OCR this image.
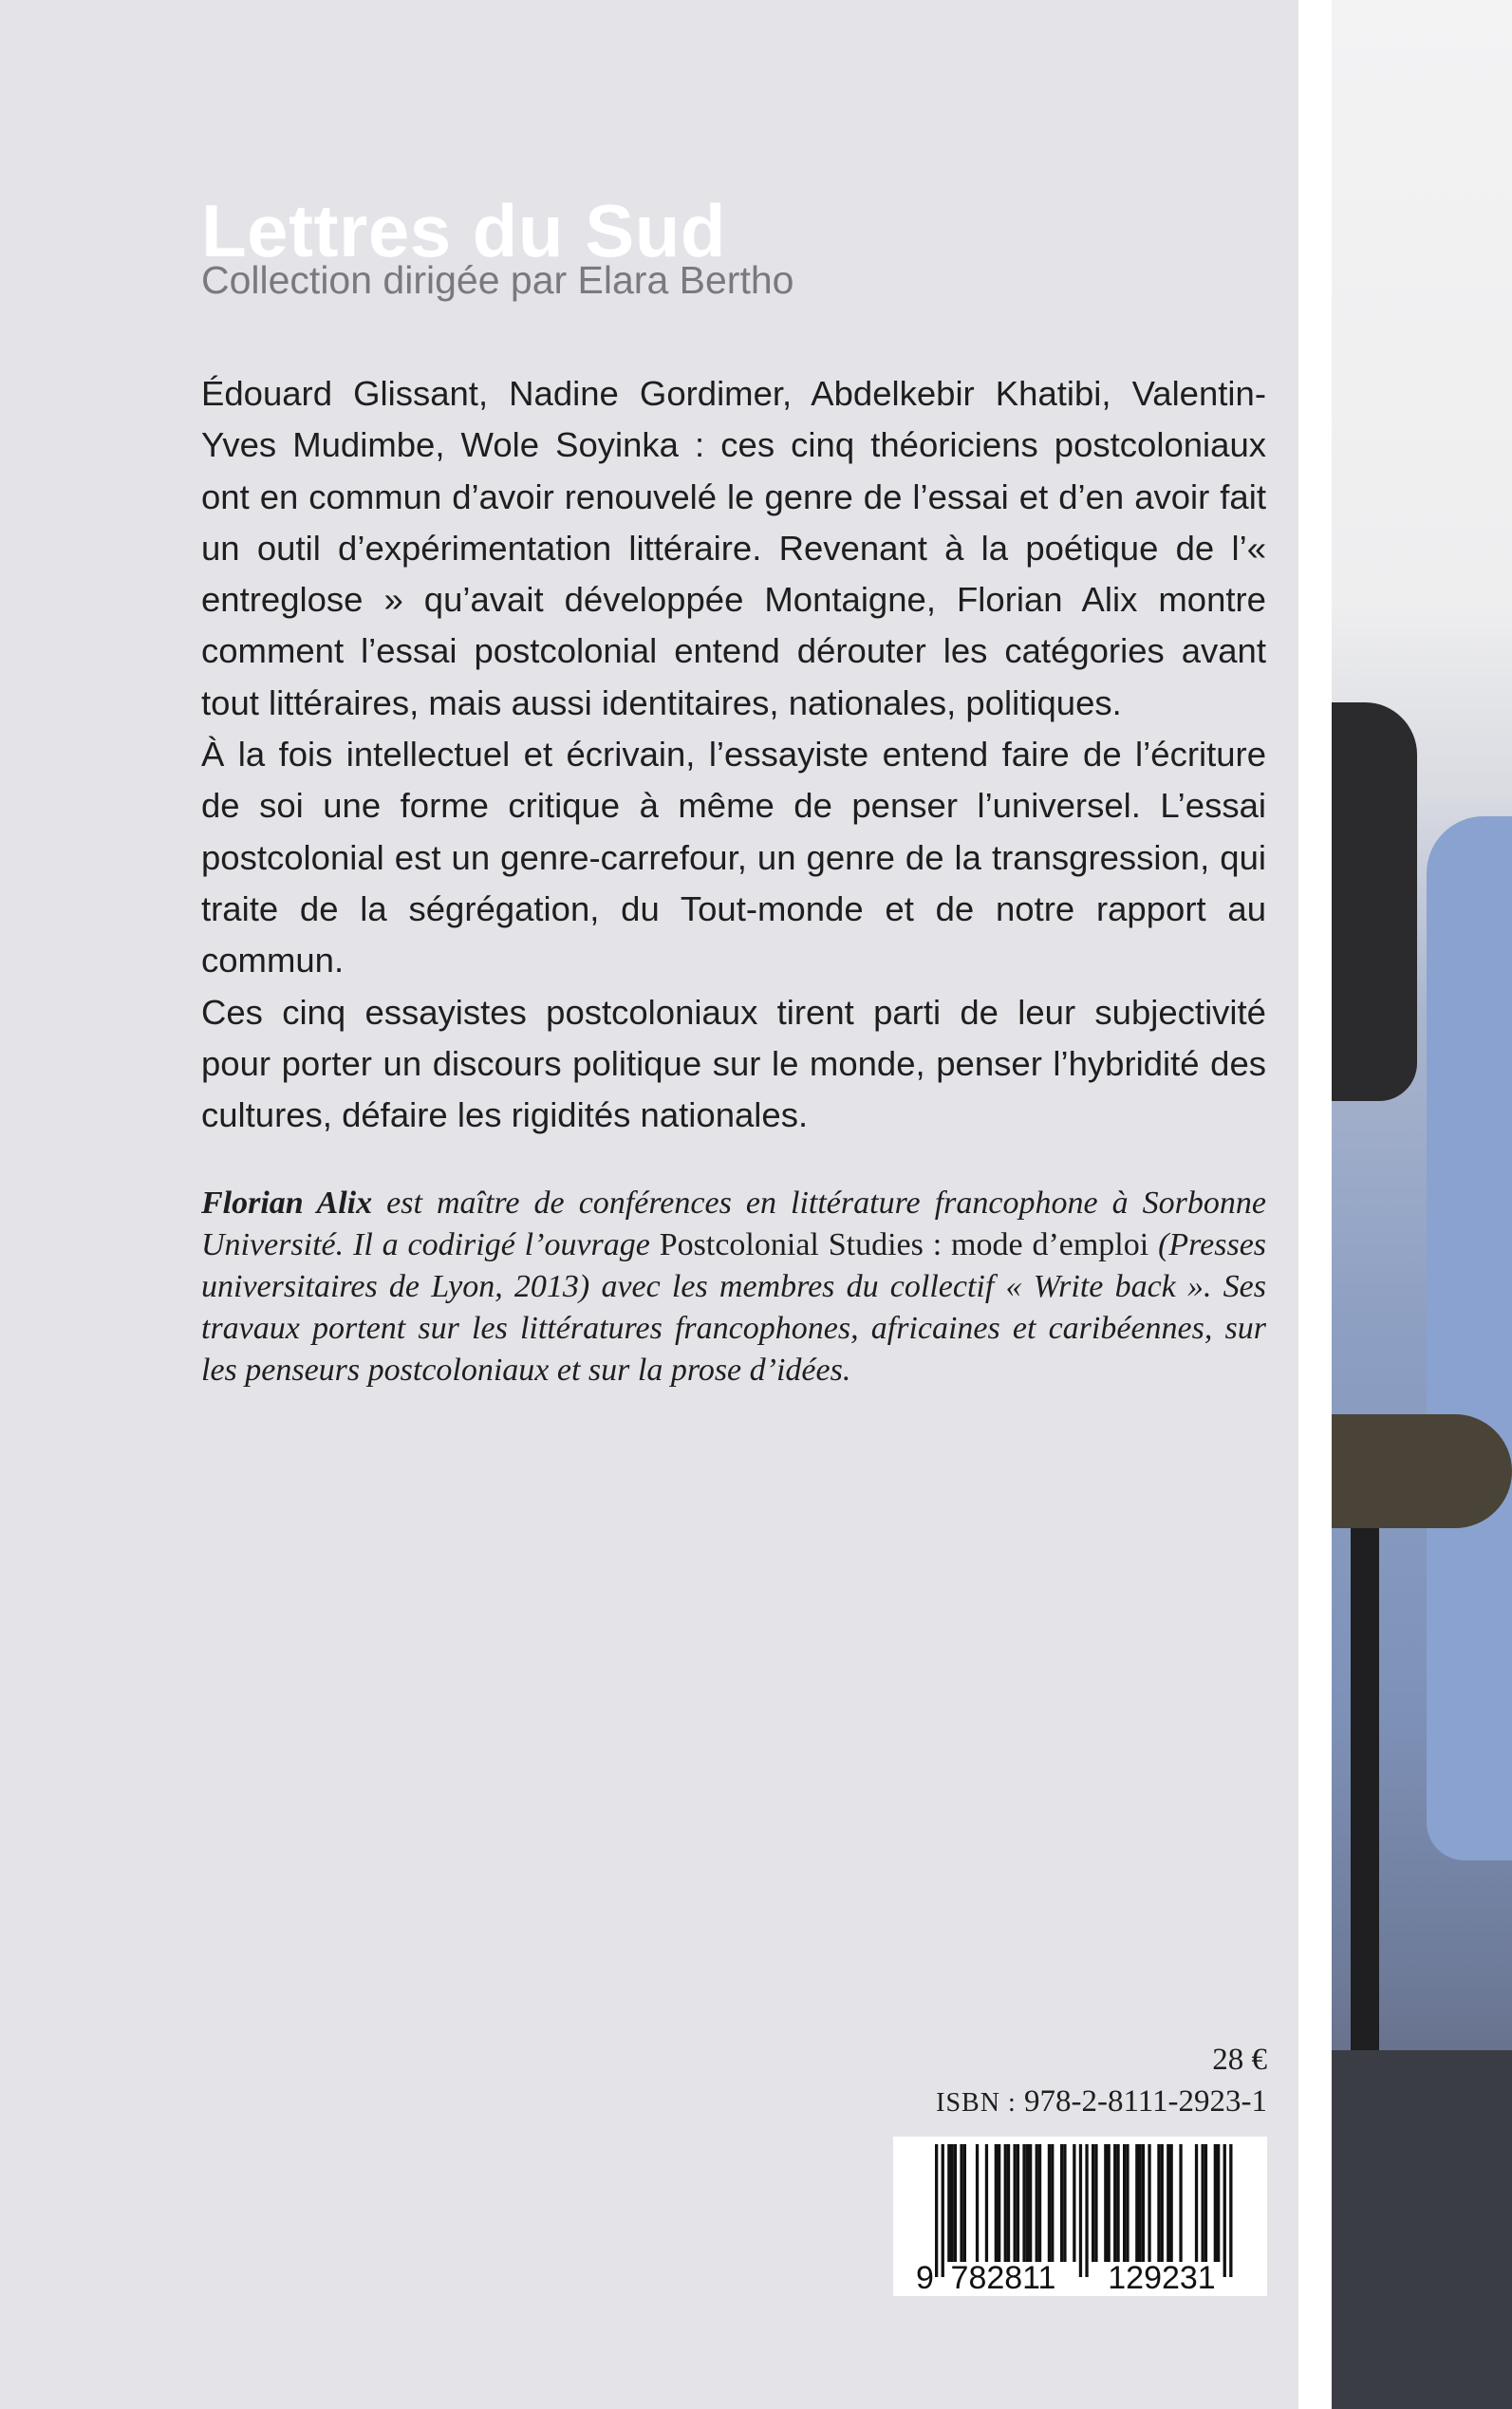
Lettres du Sud
Collection dirigée par Elara Bertho

Édouard Glissant, Nadine Gordimer, Abdelkebir Khatibi, Valentin-Yves Mudimbe, Wole Soyinka : ces cinq théoriciens postcoloniaux ont en commun d’avoir renouvelé le genre de l’essai et d’en avoir fait un outil d’expérimentation littéraire. Revenant à la poétique de l’« entreglose » qu’avait développée Montaigne, Florian Alix montre comment l’essai postcolonial entend dérouter les catégories avant tout littéraires, mais aussi identitaires, nationales, politiques.

À la fois intellectuel et écrivain, l’essayiste entend faire de l’écriture de soi une forme critique à même de penser l’universel. L’essai postcolonial est un genre-carrefour, un genre de la transgression, qui traite de la ségrégation, du Tout-monde et de notre rapport au commun.

Ces cinq essayistes postcoloniaux tirent parti de leur subjectivité pour porter un discours politique sur le monde, penser l’hybridité des cultures, défaire les rigidités nationales.

Florian Alix est maître de conférences en littérature francophone à Sorbonne Université. Il a codirigé l’ouvrage Postcolonial Studies : mode d’emploi (Presses universitaires de Lyon, 2013) avec les membres du collectif « Write back ». Ses travaux portent sur les littératures francophones, africaines et caribéennes, sur les penseurs postcoloniaux et sur la prose d’idées.

28 €
ISBN : 978-2-8111-2923-1
9 782811 129231
